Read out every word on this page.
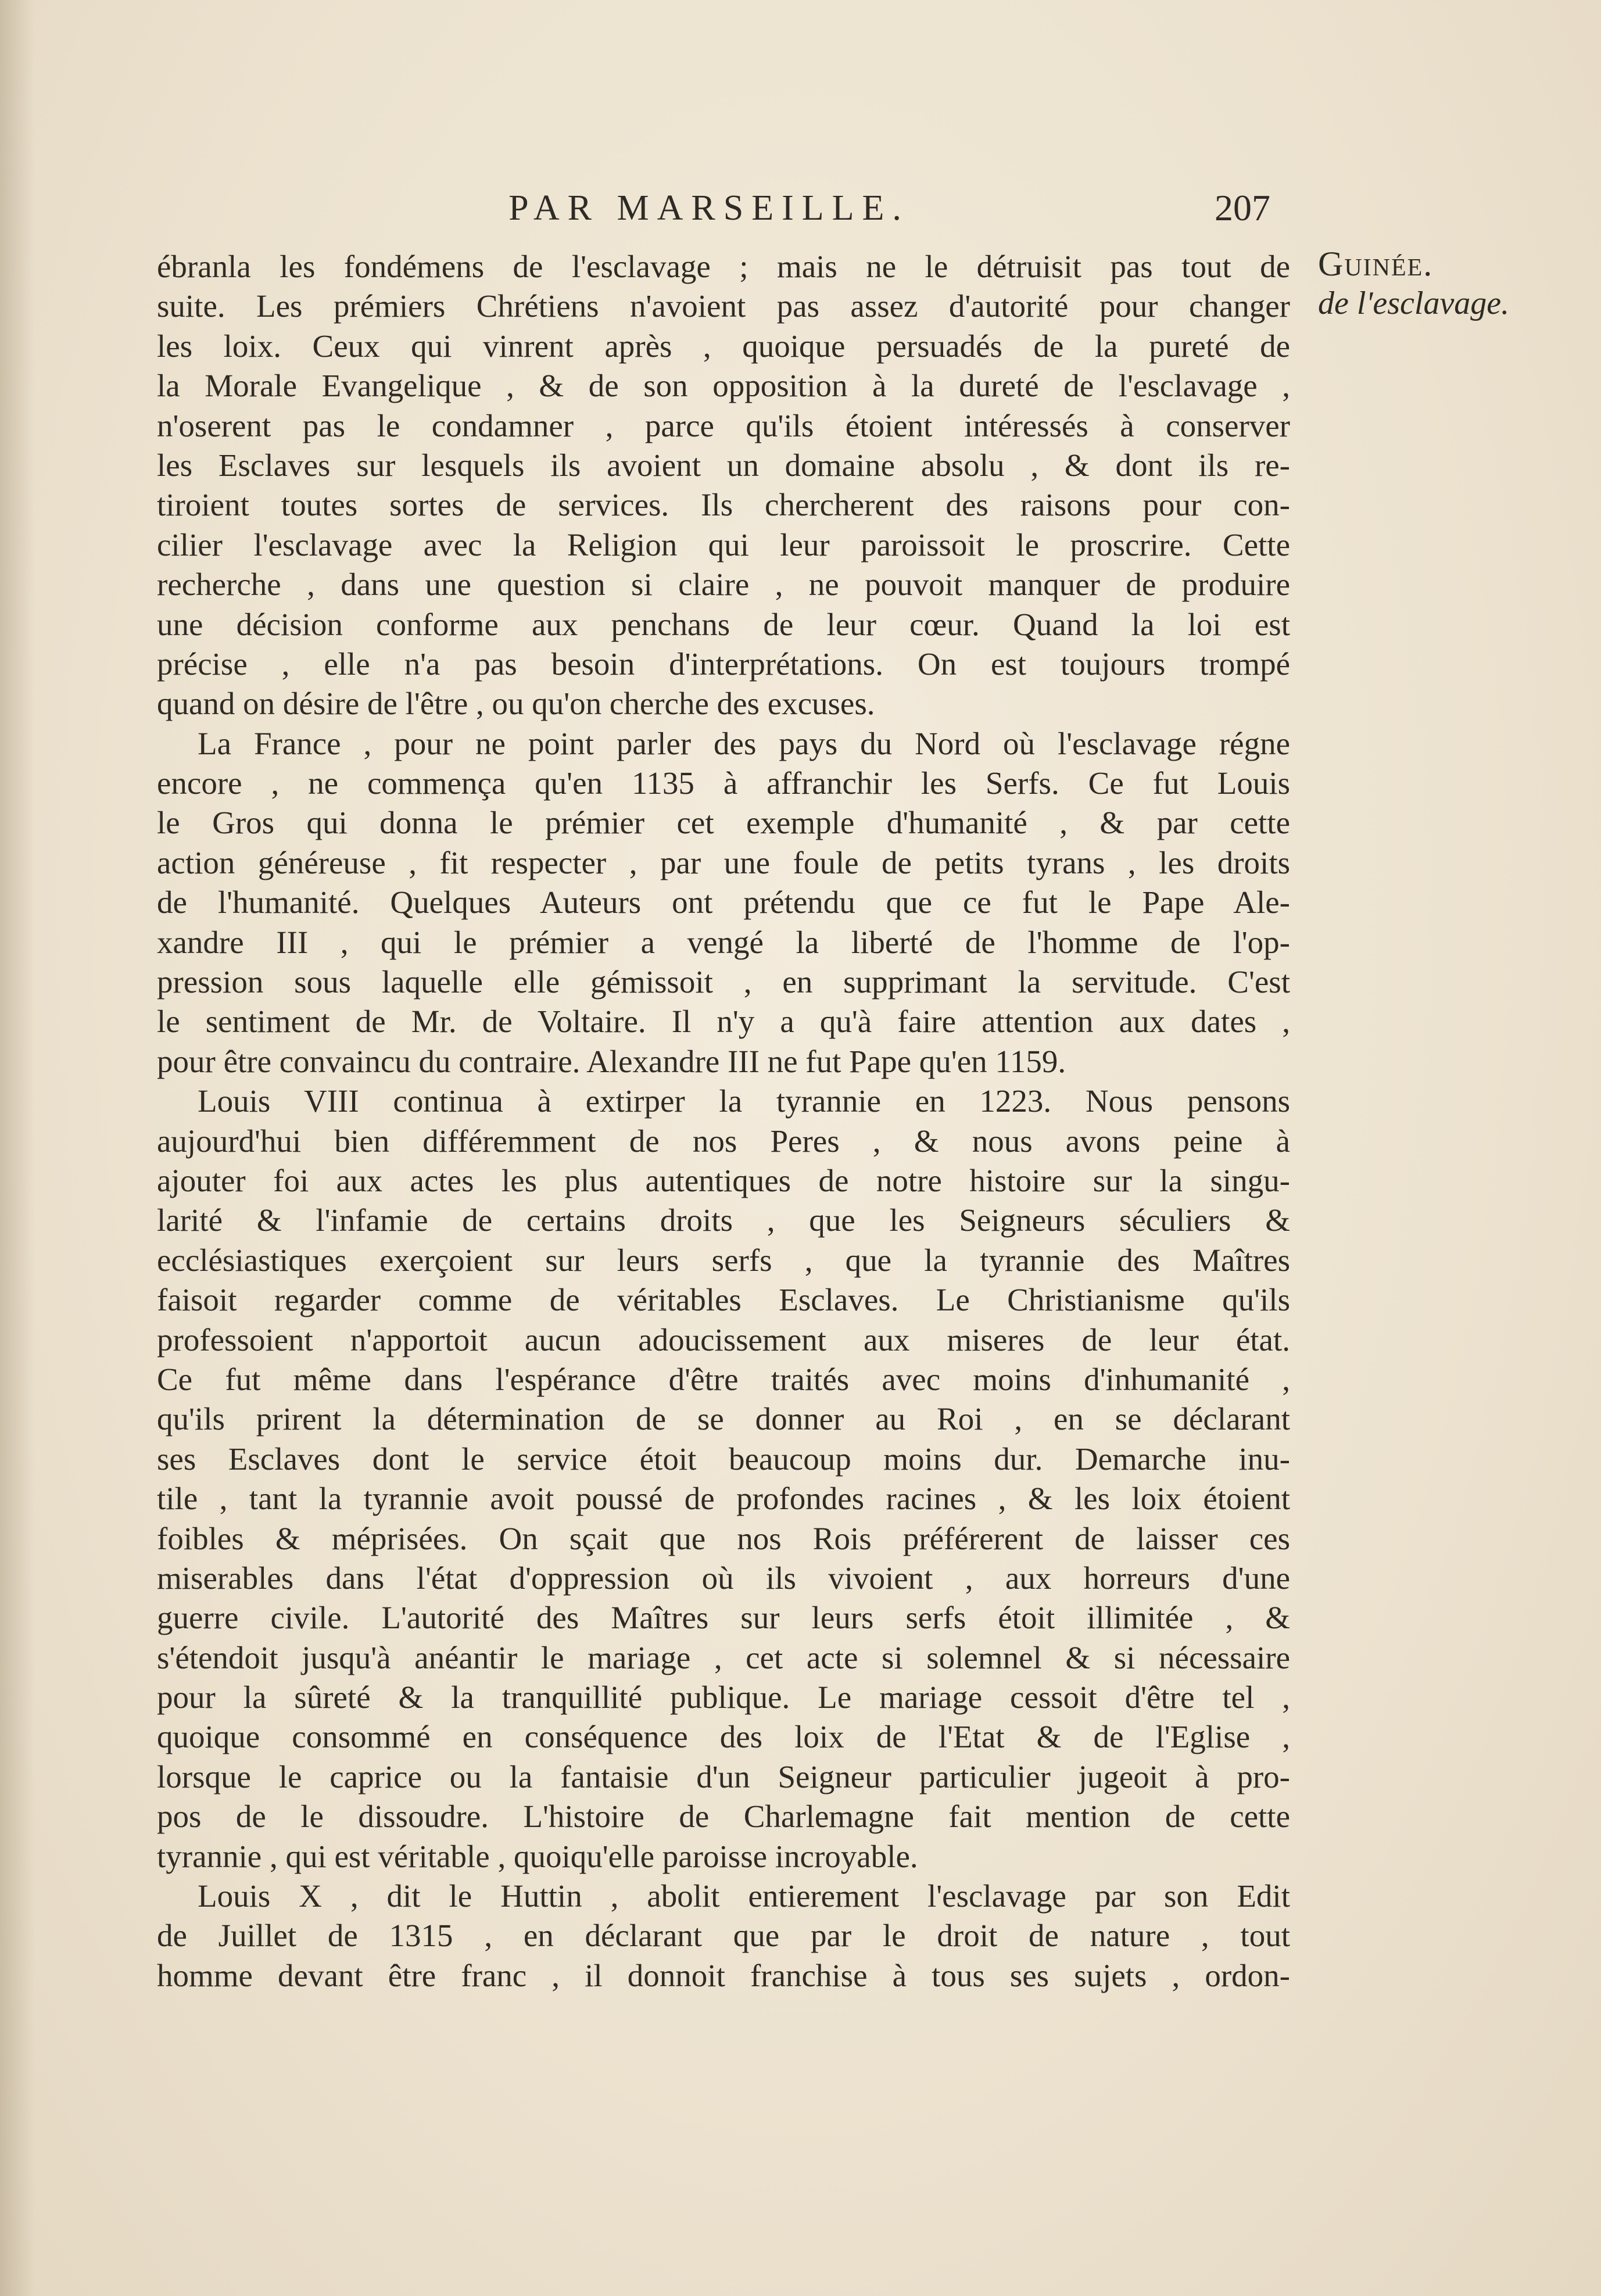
PAR MARSEILLE.	207
Guinée.
de l'esclavage.
ébranla les fondémens de l'esclavage ; mais ne le détruisit pas tout de
suite. Les prémiers Chrétiens n'avoient pas assez d'autorité pour changer
les loix. Ceux qui vinrent après , quoique persuadés de la pureté de
la Morale Evangelique , & de son opposition à la dureté de l'esclavage ,
n'oserent pas le condamner , parce qu'ils étoient intéressés à conserver
les Esclaves sur lesquels ils avoient un domaine absolu , & dont ils re-
tiroient toutes sortes de services. Ils chercherent des raisons pour con-
cilier l'esclavage avec la Religion qui leur paroissoit le proscrire. Cette
recherche , dans une question si claire , ne pouvoit manquer de produire
une décision conforme aux penchans de leur cœur. Quand la loi est
précise , elle n'a pas besoin d'interprétations. On est toujours trompé
quand on désire de l'être , ou qu'on cherche des excuses.
La France , pour ne point parler des pays du Nord où l'esclavage régne
encore , ne commença qu'en 1135 à affranchir les Serfs. Ce fut Louis
le Gros qui donna le prémier cet exemple d'humanité , & par cette
action généreuse , fit respecter , par une foule de petits tyrans , les droits
de l'humanité. Quelques Auteurs ont prétendu que ce fut le Pape Ale-
xandre III , qui le prémier a vengé la liberté de l'homme de l'op-
pression sous laquelle elle gémissoit , en supprimant la servitude. C'est
le sentiment de Mr. de Voltaire. Il n'y a qu'à faire attention aux dates ,
pour être convaincu du contraire. Alexandre III ne fut Pape qu'en 1159.
Louis VIII continua à extirper la tyrannie en 1223. Nous pensons
aujourd'hui bien différemment de nos Peres , & nous avons peine à
ajouter foi aux actes les plus autentiques de notre histoire sur la singu-
larité & l'infamie de certains droits , que les Seigneurs séculiers &
ecclésiastiques exerçoient sur leurs serfs , que la tyrannie des Maîtres
faisoit regarder comme de véritables Esclaves. Le Christianisme qu'ils
professoient n'apportoit aucun adoucissement aux miseres de leur état.
Ce fut même dans l'espérance d'être traités avec moins d'inhumanité ,
qu'ils prirent la détermination de se donner au Roi , en se déclarant
ses Esclaves dont le service étoit beaucoup moins dur. Demarche inu-
tile , tant la tyrannie avoit poussé de profondes racines , & les loix étoient
foibles & méprisées. On sçait que nos Rois préférerent de laisser ces
miserables dans l'état d'oppression où ils vivoient , aux horreurs d'une
guerre civile. L'autorité des Maîtres sur leurs serfs étoit illimitée , &
s'étendoit jusqu'à anéantir le mariage , cet acte si solemnel & si nécessaire
pour la sûreté & la tranquillité publique. Le mariage cessoit d'être tel ,
quoique consommé en conséquence des loix de l'Etat & de l'Eglise ,
lorsque le caprice ou la fantaisie d'un Seigneur particulier jugeoit à pro-
pos de le dissoudre. L'histoire de Charlemagne fait mention de cette
tyrannie , qui est véritable , quoiqu'elle paroisse incroyable.
Louis X , dit le Huttin , abolit entierement l'esclavage par son Edit
de Juillet de 1315 , en déclarant que par le droit de nature , tout
homme devant être franc , il donnoit franchise à tous ses sujets , ordon-
